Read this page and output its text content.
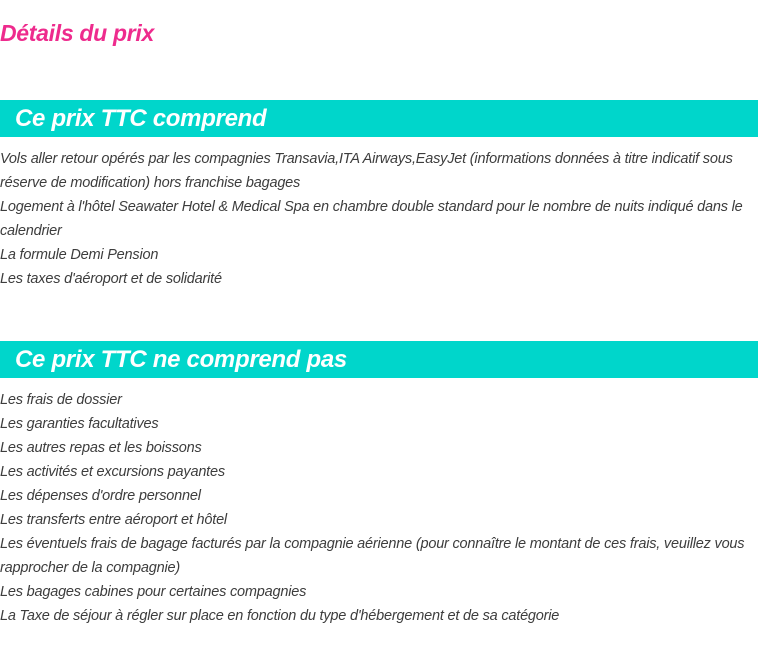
Détails du prix
Ce prix TTC comprend
Vols aller retour opérés par les compagnies Transavia,ITA Airways,EasyJet (informations données à titre indicatif sous réserve de modification) hors franchise bagages
Logement à l'hôtel Seawater Hotel & Medical Spa en chambre double standard pour le nombre de nuits indiqué dans le calendrier
La formule Demi Pension
Les taxes d'aéroport et de solidarité
Ce prix TTC ne comprend pas
Les frais de dossier
Les garanties facultatives
Les autres repas et les boissons
Les activités et excursions payantes
Les dépenses d'ordre personnel
Les transferts entre aéroport et hôtel
Les éventuels frais de bagage facturés par la compagnie aérienne (pour connaître le montant de ces frais, veuillez vous rapprocher de la compagnie)
Les bagages cabines pour certaines compagnies
La Taxe de séjour à régler sur place en fonction du type d'hébergement et de sa catégorie
